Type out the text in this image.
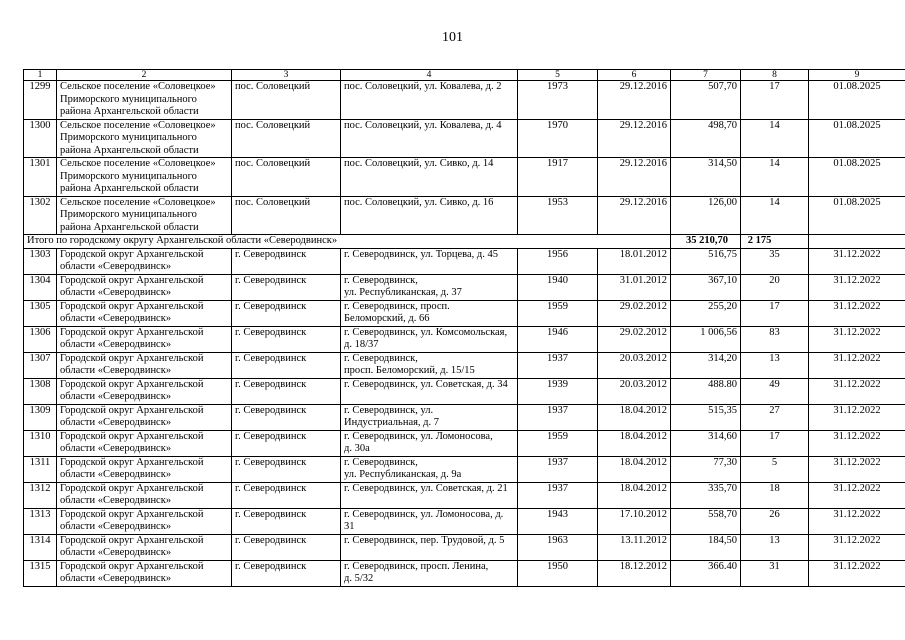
101
1	2	3	4	5	6	7	8	9
1299	Сельское поселение «Соловецкое»
Приморского муниципального
района Архангельской области	пос. Соловецкий	пос. Соловецкий, ул. Ковалева, д. 2	1973	29.12.2016	507,70	17	01.08.2025
1300	Сельское поселение «Соловецкое»
Приморского муниципального
района Архангельской области	пос. Соловецкий	пос. Соловецкий, ул. Ковалева, д. 4	1970	29.12.2016	498,70	14	01.08.2025
1301	Сельское поселение «Соловецкое»
Приморского муниципального
района Архангельской области	пос. Соловецкий	пос. Соловецкий, ул. Сивко, д. 14	1917	29.12.2016	314,50	14	01.08.2025
1302	Сельское поселение «Соловецкое»
Приморского муниципального
района Архангельской области	пос. Соловецкий	пос. Соловецкий, ул. Сивко, д. 16	1953	29.12.2016	126,00	14	01.08.2025
Итого по городскому округу Архангельской области «Северодвинск»						35 210,70	2 175	
1303	Городской округ Архангельской
области «Северодвинск»	г. Северодвинск	г. Северодвинск, ул. Торцева, д. 45	1956	18.01.2012	516,75	35	31.12.2022
1304	Городской округ Архангельской
области «Северодвинск»	г. Северодвинск	г. Северодвинск,
ул. Республиканская, д. 37	1940	31.01.2012	367,10	20	31.12.2022
1305	Городской округ Архангельской
области «Северодвинск»	г. Северодвинск	г. Северодвинск, просп.
Беломорский, д. 66	1959	29.02.2012	255,20	17	31.12.2022
1306	Городской округ Архангельской
области «Северодвинск»	г. Северодвинск	г. Северодвинск, ул. Комсомольская,
д. 18/37	1946	29.02.2012	1 006,56	83	31.12.2022
1307	Городской округ Архангельской
области «Северодвинск»	г. Северодвинск	г. Северодвинск,
просп. Беломорский, д. 15/15	1937	20.03.2012	314,20	13	31.12.2022
1308	Городской округ Архангельской
области «Северодвинск»	г. Северодвинск	г. Северодвинск, ул. Советская, д. 34	1939	20.03.2012	488.80	49	31.12.2022
1309	Городской округ Архангельской
области «Северодвинск»	г. Северодвинск	г. Северодвинск, ул.
Индустриальная, д. 7	1937	18.04.2012	515,35	27	31.12.2022
1310	Городской округ Архангельской
области «Северодвинск»	г. Северодвинск	г. Северодвинск, ул. Ломоносова,
д. 30а	1959	18.04.2012	314,60	17	31.12.2022
1311	Городской округ Архангельской
области «Северодвинск»	г. Северодвинск	г. Северодвинск,
ул. Республиканская, д. 9а	1937	18.04.2012	77,30	5	31.12.2022
1312	Городской округ Архангельской
области «Северодвинск»	г. Северодвинск	г. Северодвинск, ул. Советская, д. 21	1937	18.04.2012	335,70	18	31.12.2022
1313	Городской округ Архангельской
области «Северодвинск»	г. Северодвинск	г. Северодвинск, ул. Ломоносова, д.
31	1943	17.10.2012	558,70	26	31.12.2022
1314	Городской округ Архангельской
области «Северодвинск»	г. Северодвинск	г. Северодвинск, пер. Трудовой, д. 5	1963	13.11.2012	184,50	13	31.12.2022
1315	Городской округ Архангельской
области «Северодвинск»	г. Северодвинск	г. Северодвинск, просп. Ленина,
д. 5/32	1950	18.12.2012	366.40	31	31.12.2022
